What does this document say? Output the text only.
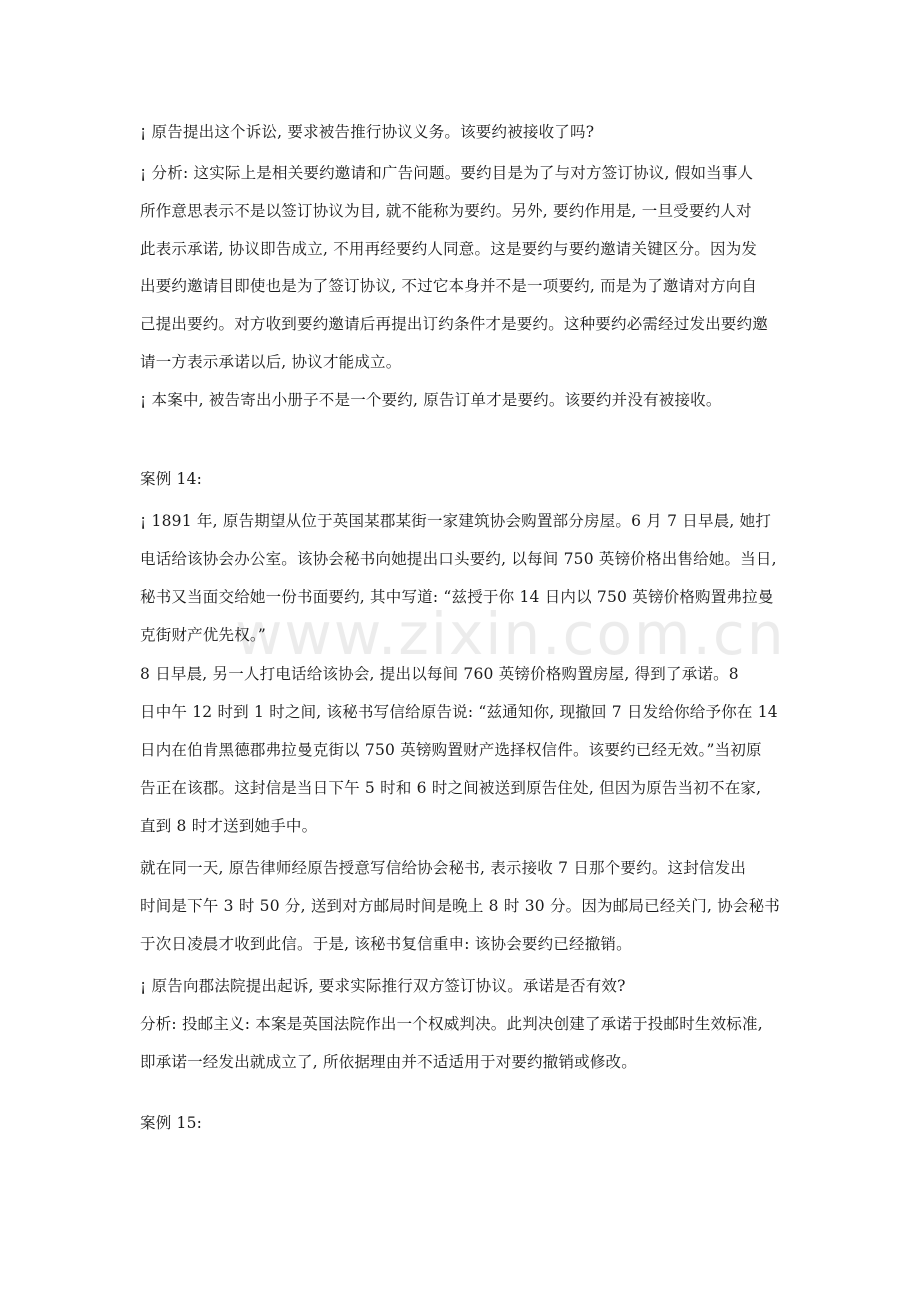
www.zixin.com.cn
¡ 原告提出这个诉讼, 要求被告推行协议义务。该要约被接收了吗?
¡ 分析: 这实际上是相关要约邀请和广告问题。要约目是为了与对方签订协议, 假如当事人
所作意思表示不是以签订协议为目, 就不能称为要约。另外, 要约作用是, 一旦受要约人对
此表示承诺, 协议即告成立, 不用再经要约人同意。这是要约与要约邀请关键区分。因为发
出要约邀请目即使也是为了签订协议, 不过它本身并不是一项要约, 而是为了邀请对方向自
己提出要约。对方收到要约邀请后再提出订约条件才是要约。这种要约必需经过发出要约邀
请一方表示承诺以后, 协议才能成立。
¡ 本案中, 被告寄出小册子不是一个要约, 原告订单才是要约。该要约并没有被接收。
案例 14:
¡ 1891 年, 原告期望从位于英国某郡某街一家建筑协会购置部分房屋。6 月 7 日早晨, 她打
电话给该协会办公室。该协会秘书向她提出口头要约, 以每间 750 英镑价格出售给她。当日,
秘书又当面交给她一份书面要约, 其中写道: “兹授于你 14 日内以 750 英镑价格购置弗拉曼
克街财产优先权。”
8 日早晨, 另一人打电话给该协会, 提出以每间 760 英镑价格购置房屋, 得到了承诺。8
日中午 12 时到 1 时之间, 该秘书写信给原告说: “兹通知你, 现撤回 7 日发给你给予你在 14
日内在伯肯黑德郡弗拉曼克街以 750 英镑购置财产选择权信件。该要约已经无效。”当初原
告正在该郡。这封信是当日下午 5 时和 6 时之间被送到原告住处, 但因为原告当初不在家,
直到 8 时才送到她手中。
就在同一天, 原告律师经原告授意写信给协会秘书, 表示接收 7 日那个要约。这封信发出
时间是下午 3 时 50 分, 送到对方邮局时间是晚上 8 时 30 分。因为邮局已经关门, 协会秘书
于次日凌晨才收到此信。于是, 该秘书复信重申: 该协会要约已经撤销。
¡ 原告向郡法院提出起诉, 要求实际推行双方签订协议。承诺是否有效?
分析: 投邮主义: 本案是英国法院作出一个权威判决。此判决创建了承诺于投邮时生效标准,
即承诺一经发出就成立了, 所依据理由并不适适用于对要约撤销或修改。
案例 15:
